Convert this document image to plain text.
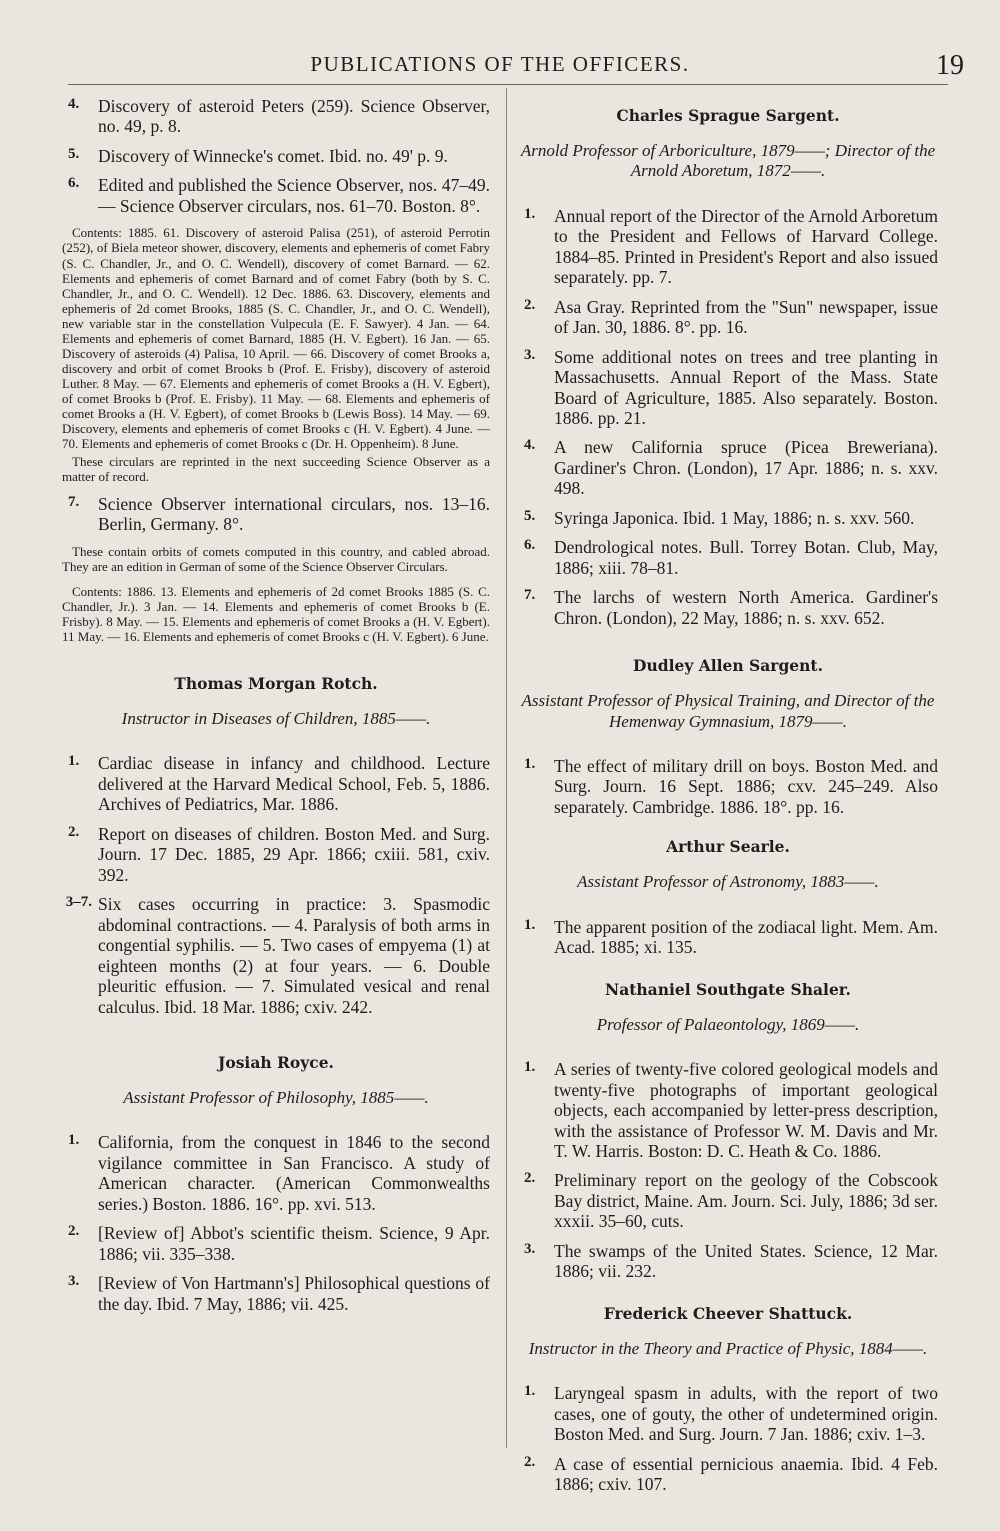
PUBLICATIONS OF THE OFFICERS.	19
4.	Discovery of asteroid Peters (259). Science Observer, no. 49, p. 8.
5.	Discovery of Winnecke's comet. Ibid. no. 49' p. 9.
6.	Edited and published the Science Observer, nos. 47–49. — Science Observer circulars, nos. 61–70. Boston. 8°.
Contents: 1885. 61. Discovery of asteroid Palisa (251), of asteroid Perrotin (252), of Biela meteor shower, discovery, elements and ephemeris of comet Fabry (S. C. Chandler, Jr., and O. C. Wendell), discovery of comet Barnard. — 62. Elements and ephemeris of comet Barnard and of comet Fabry (both by S. C. Chandler, Jr., and O. C. Wendell). 12 Dec. 1886. 63. Discovery, elements and ephemeris of 2d comet Brooks, 1885 (S. C. Chandler, Jr., and O. C. Wendell), new variable star in the constellation Vulpecula (E. F. Sawyer). 4 Jan. — 64. Elements and ephemeris of comet Barnard, 1885 (H. V. Egbert). 16 Jan. — 65. Discovery of asteroids (4) Palisa, 10 April. — 66. Discovery of comet Brooks a, discovery and orbit of comet Brooks b (Prof. E. Frisby), discovery of asteroid Luther. 8 May. — 67. Elements and ephemeris of comet Brooks a (H. V. Egbert), of comet Brooks b (Prof. E. Frisby). 11 May. — 68. Elements and ephemeris of comet Brooks a (H. V. Egbert), of comet Brooks b (Lewis Boss). 14 May. — 69. Discovery, elements and ephemeris of comet Brooks c (H. V. Egbert). 4 June. — 70. Elements and ephemeris of comet Brooks c (Dr. H. Oppenheim). 8 June.
These circulars are reprinted in the next succeeding Science Observer as a matter of record.
7.	Science Observer international circulars, nos. 13–16. Berlin, Germany. 8°.
These contain orbits of comets computed in this country, and cabled abroad. They are an edition in German of some of the Science Observer Circulars.
Contents: 1886. 13. Elements and ephemeris of 2d comet Brooks 1885 (S. C. Chandler, Jr.). 3 Jan. — 14. Elements and ephemeris of comet Brooks b (E. Frisby). 8 May. — 15. Elements and ephemeris of comet Brooks a (H. V. Egbert). 11 May. — 16. Elements and ephemeris of comet Brooks c (H. V. Egbert). 6 June.
Thomas Morgan Rotch.
Instructor in Diseases of Children, 1885——.
1.	Cardiac disease in infancy and childhood. Lecture delivered at the Harvard Medical School, Feb. 5, 1886. Archives of Pediatrics, Mar. 1886.
2.	Report on diseases of children. Boston Med. and Surg. Journ. 17 Dec. 1885, 29 Apr. 1866; cxiii. 581, cxiv. 392.
3–7. Six cases occurring in practice: 3. Spasmodic abdominal contractions. — 4. Paralysis of both arms in congential syphilis. — 5. Two cases of empyema (1) at eighteen months (2) at four years. — 6. Double pleuritic effusion. — 7. Simulated vesical and renal calculus. Ibid. 18 Mar. 1886; cxiv. 242.
Josiah Royce.
Assistant Professor of Philosophy, 1885——.
1.	California, from the conquest in 1846 to the second vigilance committee in San Francisco. A study of American character. (American Commonwealths series.) Boston. 1886. 16°. pp. xvi. 513.
2.	[Review of] Abbot's scientific theism. Science, 9 Apr. 1886; vii. 335–338.
3.	[Review of Von Hartmann's] Philosophical questions of the day. Ibid. 7 May, 1886; vii. 425.
Charles Sprague Sargent.
Arnold Professor of Arboriculture, 1879——; Director of the Arnold Aboretum, 1872——.
1.	Annual report of the Director of the Arnold Arboretum to the President and Fellows of Harvard College. 1884–85. Printed in President's Report and also issued separately. pp. 7.
2.	Asa Gray. Reprinted from the "Sun" newspaper, issue of Jan. 30, 1886. 8°. pp. 16.
3.	Some additional notes on trees and tree planting in Massachusetts. Annual Report of the Mass. State Board of Agriculture, 1885. Also separately. Boston. 1886. pp. 21.
4.	A new California spruce (Picea Breweriana). Gardiner's Chron. (London), 17 Apr. 1886; n. s. xxv. 498.
5.	Syringa Japonica. Ibid. 1 May, 1886; n. s. xxv. 560.
6.	Dendrological notes. Bull. Torrey Botan. Club, May, 1886; xiii. 78–81.
7.	The larchs of western North America. Gardiner's Chron. (London), 22 May, 1886; n. s. xxv. 652.
Dudley Allen Sargent.
Assistant Professor of Physical Training, and Director of the Hemenway Gymnasium, 1879——.
1.	The effect of military drill on boys. Boston Med. and Surg. Journ. 16 Sept. 1886; cxv. 245–249. Also separately. Cambridge. 1886. 18°. pp. 16.
Arthur Searle.
Assistant Professor of Astronomy, 1883——.
1.	The apparent position of the zodiacal light. Mem. Am. Acad. 1885; xi. 135.
Nathaniel Southgate Shaler.
Professor of Palaeontology, 1869——.
1.	A series of twenty-five colored geological models and twenty-five photographs of important geological objects, each accompanied by letter-press description, with the assistance of Professor W. M. Davis and Mr. T. W. Harris. Boston: D. C. Heath & Co. 1886.
2.	Preliminary report on the geology of the Cobscook Bay district, Maine. Am. Journ. Sci. July, 1886; 3d ser. xxxii. 35–60, cuts.
3.	The swamps of the United States. Science, 12 Mar. 1886; vii. 232.
Frederick Cheever Shattuck.
Instructor in the Theory and Practice of Physic, 1884——.
1.	Laryngeal spasm in adults, with the report of two cases, one of gouty, the other of undetermined origin. Boston Med. and Surg. Journ. 7 Jan. 1886; cxiv. 1–3.
2.	A case of essential pernicious anaemia. Ibid. 4 Feb. 1886; cxiv. 107.
